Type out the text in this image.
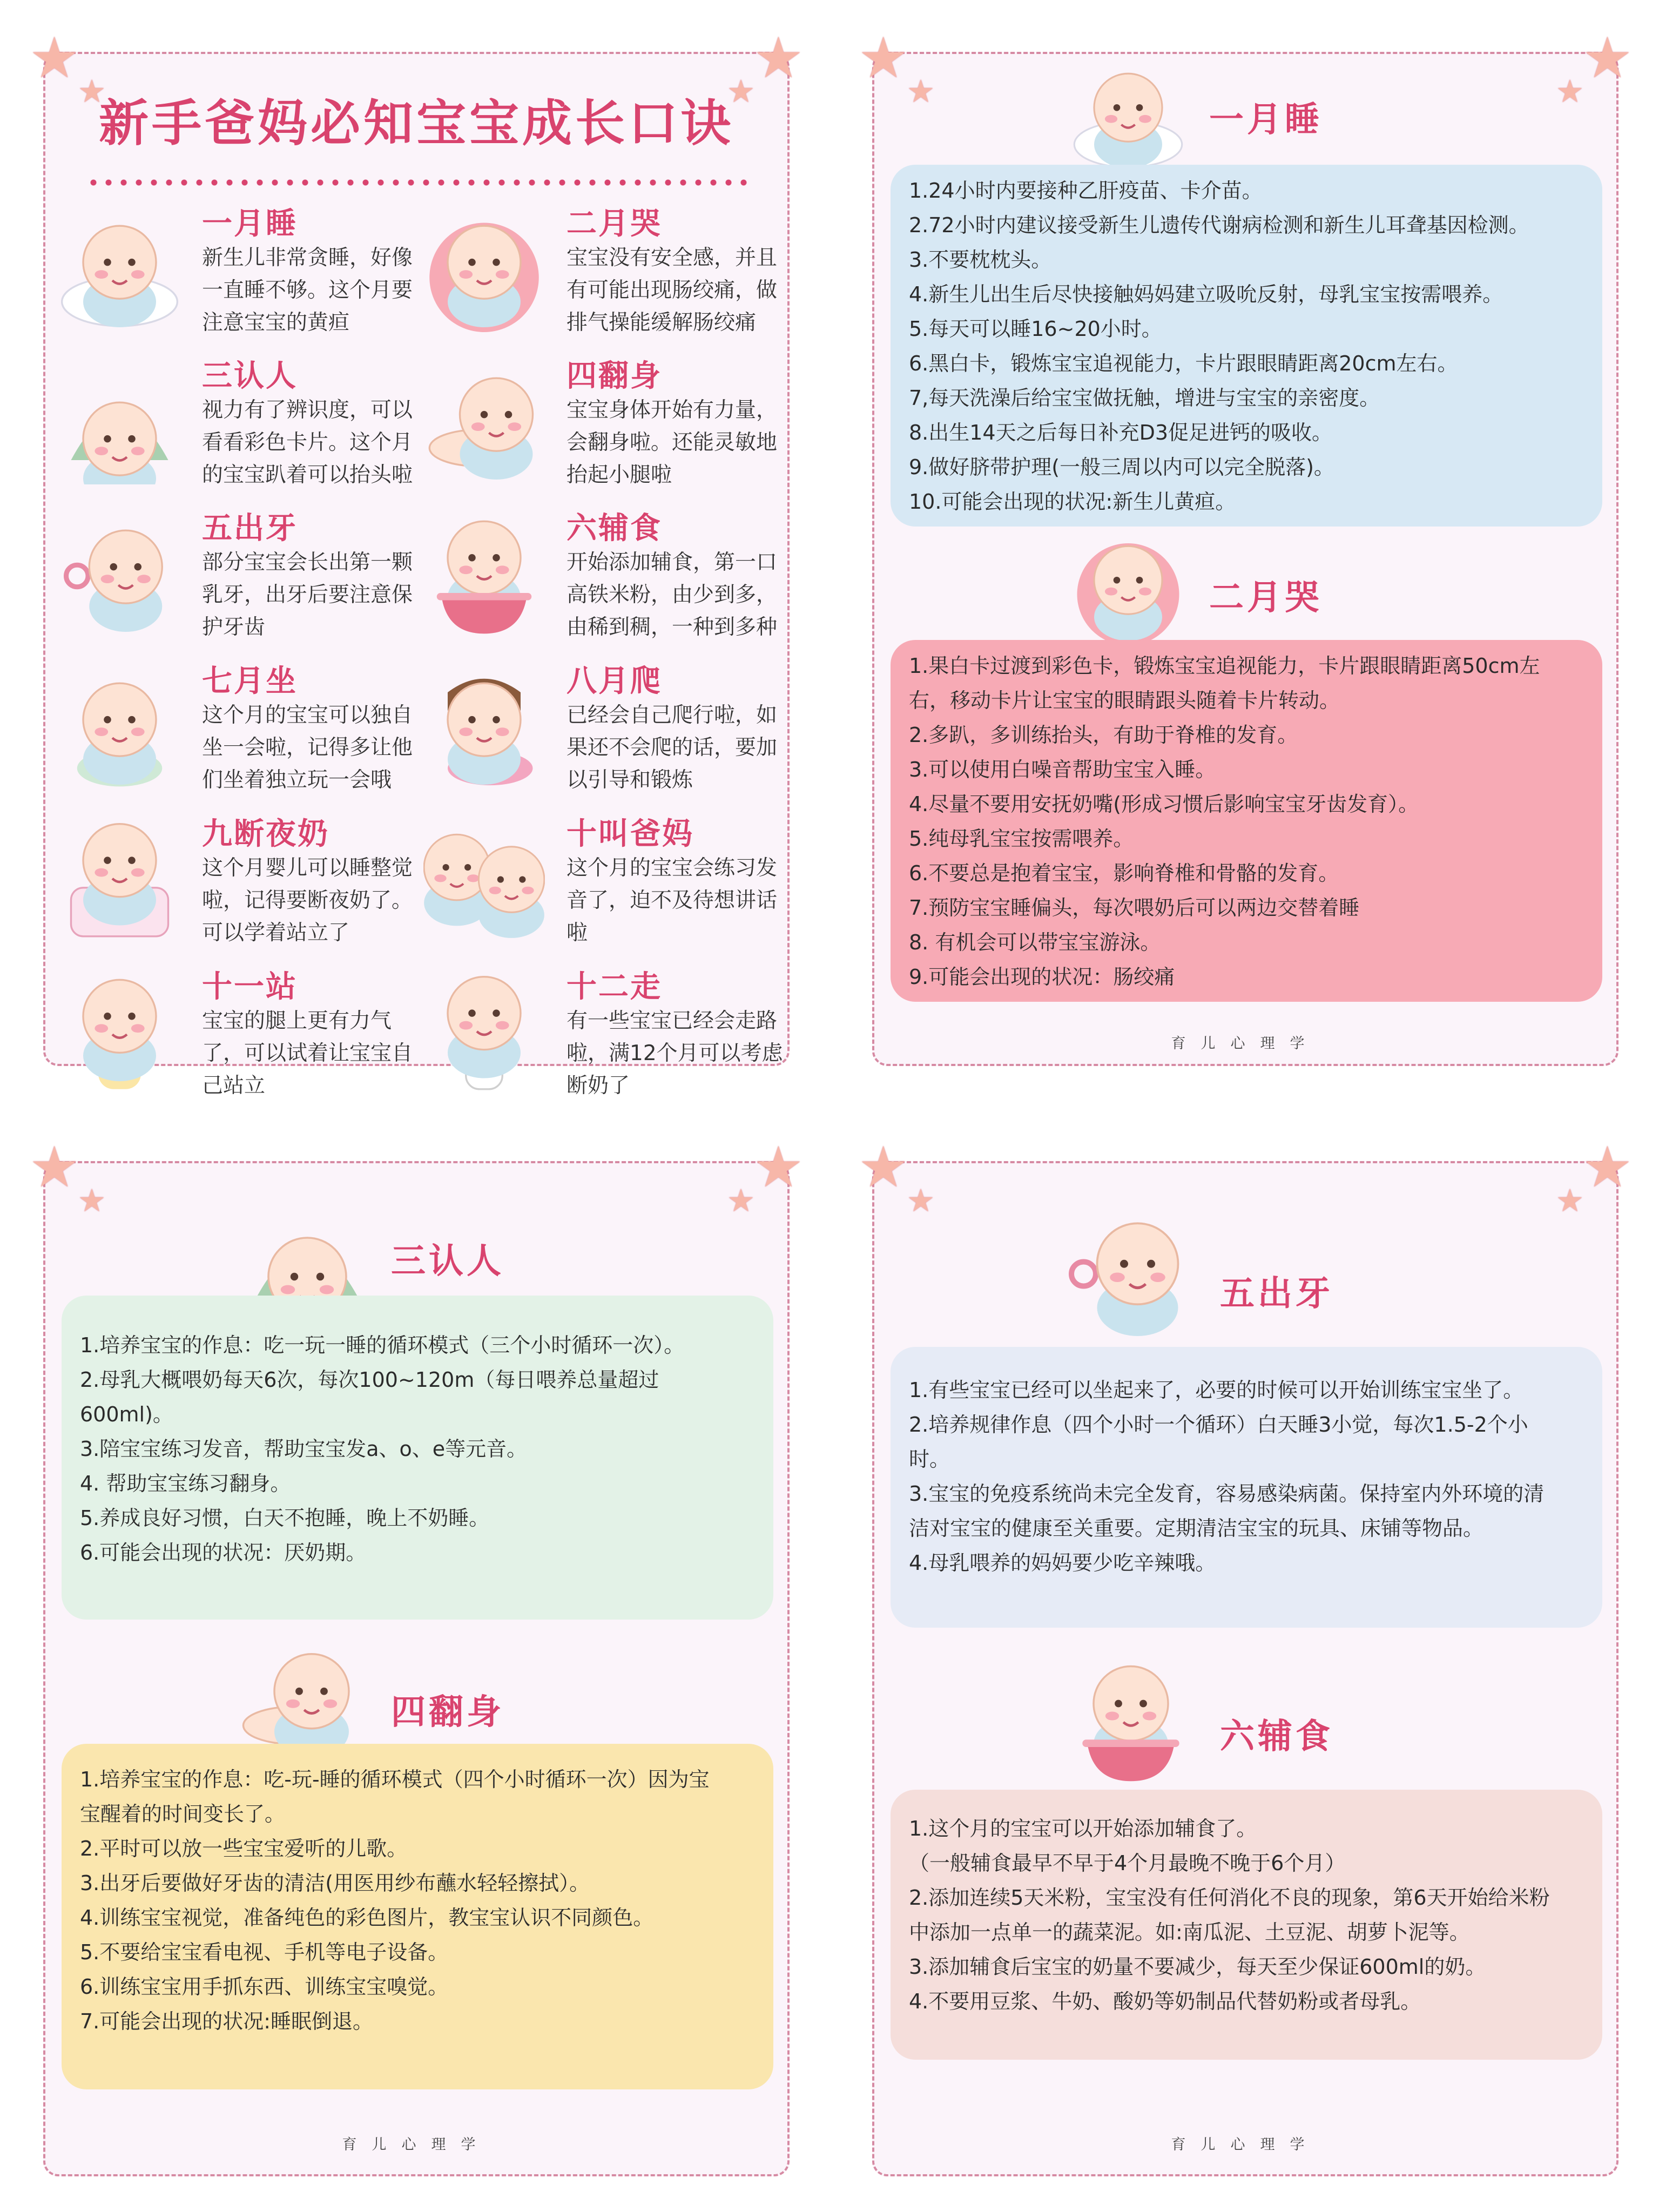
★
★	★
★
新手爸妈必知宝宝成长口诀
一月睡
新生儿非常贪睡，好像一直睡不够。这个月要注意宝宝的黄疸
二月哭
宝宝没有安全感，并且有可能出现肠绞痛，做排气操能缓解肠绞痛
三认人
视力有了辨识度，可以看看彩色卡片。这个月的宝宝趴着可以抬头啦
四翻身
宝宝身体开始有力量，会翻身啦。还能灵敏地抬起小腿啦
五出牙
部分宝宝会长出第一颗乳牙，出牙后要注意保护牙齿
六辅食
开始添加辅食，第一口高铁米粉，由少到多，由稀到稠，一种到多种
七月坐
这个月的宝宝可以独自坐一会啦，记得多让他们坐着独立玩一会哦
八月爬
已经会自己爬行啦，如果还不会爬的话，要加以引导和锻炼
九断夜奶
这个月婴儿可以睡整觉啦，记得要断夜奶了。可以学着站立了
十叫爸妈
这个月的宝宝会练习发音了，迫不及待想讲话啦
十一站
宝宝的腿上更有力气了，可以试着让宝宝自己站立
十二走
有一些宝宝已经会走路啦，满12个月可以考虑断奶了
★
★	★
★
一月睡
1.24小时内要接种乙肝疫苗、卡介苗。
2.72小时内建议接受新生儿遗传代谢病检测和新生儿耳聋基因检测。
3.不要枕枕头。
4.新生儿出生后尽快接触妈妈建立吸吮反射，母乳宝宝按需喂养。
5.每天可以睡16~20小时。
6.黑白卡，锻炼宝宝追视能力，卡片跟眼睛距离20cm左右。
7,每天洗澡后给宝宝做抚触，增进与宝宝的亲密度。
8.出生14天之后每日补充D3促足进钙的吸收。
9.做好脐带护理(一般三周以内可以完全脱落)。
10.可能会出现的状况:新生儿黄疸。
二月哭
1.果白卡过渡到彩色卡，锻炼宝宝追视能力，卡片跟眼睛距离50cm左
右，移动卡片让宝宝的眼睛跟头随着卡片转动。
2.多趴，多训练抬头，有助于脊椎的发育。
3.可以使用白噪音帮助宝宝入睡。
4.尽量不要用安抚奶嘴(形成习惯后影响宝宝牙齿发育）。
5.纯母乳宝宝按需喂养。
6.不要总是抱着宝宝，影响脊椎和骨骼的发育。
7.预防宝宝睡偏头，每次喂奶后可以两边交替着睡
8. 有机会可以带宝宝游泳。
9.可能会出现的状况：肠绞痛
育儿心理学
★
★	★
★
三认人
1.培养宝宝的作息：吃一玩一睡的循环模式（三个小时循环一次）。
2.母乳大概喂奶每天6次，每次100~120m（每日喂养总量超过
600ml)。
3.陪宝宝练习发音，帮助宝宝发a、o、e等元音。
4. 帮助宝宝练习翻身。
5.养成良好习惯，白天不抱睡，晚上不奶睡。
6.可能会出现的状况：厌奶期。
四翻身
1.培养宝宝的作息：吃-玩-睡的循环模式（四个小时循环一次）因为宝
宝醒着的时间变长了。
2.平时可以放一些宝宝爱听的儿歌。
3.出牙后要做好牙齿的清洁(用医用纱布蘸水轻轻擦拭）。
4.训练宝宝视觉，准备纯色的彩色图片，教宝宝认识不同颜色。
5.不要给宝宝看电视、手机等电子设备。
6.训练宝宝用手抓东西、训练宝宝嗅觉。
7.可能会出现的状况:睡眠倒退。
育儿心理学
★
★	★
★
五出牙
1.有些宝宝已经可以坐起来了，必要的时候可以开始训练宝宝坐了。
2.培养规律作息（四个小时一个循环）白天睡3小觉，每次1.5-2个小
时。
3.宝宝的免疫系统尚未完全发育，容易感染病菌。保持室内外环境的清
洁对宝宝的健康至关重要。定期清洁宝宝的玩具、床铺等物品。
4.母乳喂养的妈妈要少吃辛辣哦。
六辅食
1.这个月的宝宝可以开始添加辅食了。
（一般辅食最早不早于4个月最晚不晚于6个月）
2.添加连续5天米粉，宝宝没有任何消化不良的现象，第6天开始给米粉
中添加一点单一的蔬菜泥。如:南瓜泥、土豆泥、胡萝卜泥等。
3.添加辅食后宝宝的奶量不要减少，每天至少保证600ml的奶。
4.不要用豆浆、牛奶、酸奶等奶制品代替奶粉或者母乳。
育儿心理学
